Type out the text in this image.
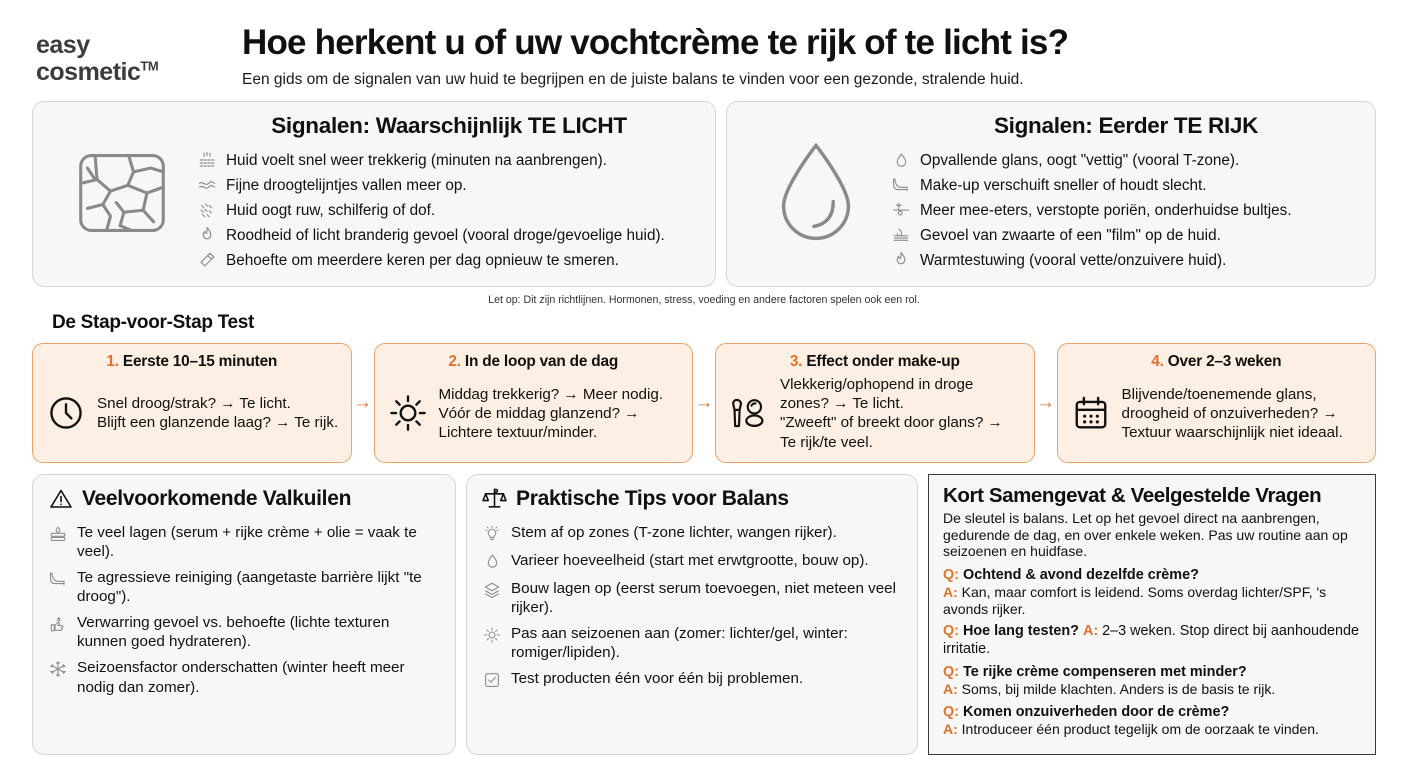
easy
cosmetic™
Hoe herkent u of uw vochtcrème te rijk of te licht is?
Een gids om de signalen van uw huid te begrijpen en de juiste balans te vinden voor een gezonde, stralende huid.
Signalen: Waarschijnlijk TE LICHT
Huid voelt snel weer trekkerig (minuten na aanbrengen).
Fijne droogtelijntjes vallen meer op.
Huid oogt ruw, schilferig of dof.
Roodheid of licht branderig gevoel (vooral droge/gevoelige huid).
Behoefte om meerdere keren per dag opnieuw te smeren.
Signalen: Eerder TE RIJK
Opvallende glans, oogt "vettig" (vooral T-zone).
Make-up verschuift sneller of houdt slecht.
Meer mee-eters, verstopte poriën, onderhuidse bultjes.
Gevoel van zwaarte of een "film" op de huid.
Warmtestuwing (vooral vette/onzuivere huid).
Let op: Dit zijn richtlijnen. Hormonen, stress, voeding en andere factoren spelen ook een rol.
De Stap-voor-Stap Test
1. Eerste 10–15 minuten

Snel droog/strak? → Te licht.

Blijft een glanzende laag? → Te rijk.

→
2. In de loop van de dag

Middag trekkerig? → Meer nodig.

Vóór de middag glanzend? → Lichtere textuur/minder.

→
3. Effect onder make-up

Vlekkerig/ophopend in droge zones? → Te licht.

"Zweeft" of breekt door glans? → Te rijk/te veel.

→
4. Over 2–3 weken

Blijvende/toenemende glans, droogheid of onzuiverheden? → Textuur waarschijnlijk niet ideaal.

Veelvoorkomende Valkuilen
Te veel lagen (serum + rijke crème + olie = vaak te veel).
Te agressieve reiniging (aangetaste barrière lijkt "te droog").
Verwarring gevoel vs. behoefte (lichte texturen kunnen goed hydrateren).
Seizoensfactor onderschatten (winter heeft meer nodig dan zomer).
Praktische Tips voor Balans
Stem af op zones (T-zone lichter, wangen rijker).
Varieer hoeveelheid (start met erwtgrootte, bouw op).
Bouw lagen op (eerst serum toevoegen, niet meteen veel rijker).
Pas aan seizoenen aan (zomer: lichter/gel, winter: romiger/lipiden).
Test producten één voor één bij problemen.
Kort Samengevat & Veelgestelde Vragen
De sleutel is balans. Let op het gevoel direct na aanbrengen, gedurende de dag, en over enkele weken. Pas uw routine aan op seizoenen en huidfase.
Q: Ochtend & avond dezelfde crème?
A: Kan, maar comfort is leidend. Soms overdag lichter/SPF, 's avonds rijker.
Q: Hoe lang testen? A: 2–3 weken. Stop direct bij aanhoudende irritatie.
Q: Te rijke crème compenseren met minder?
A: Soms, bij milde klachten. Anders is de basis te rijk.
Q: Komen onzuiverheden door de crème?
A: Introduceer één product tegelijk om de oorzaak te vinden.
